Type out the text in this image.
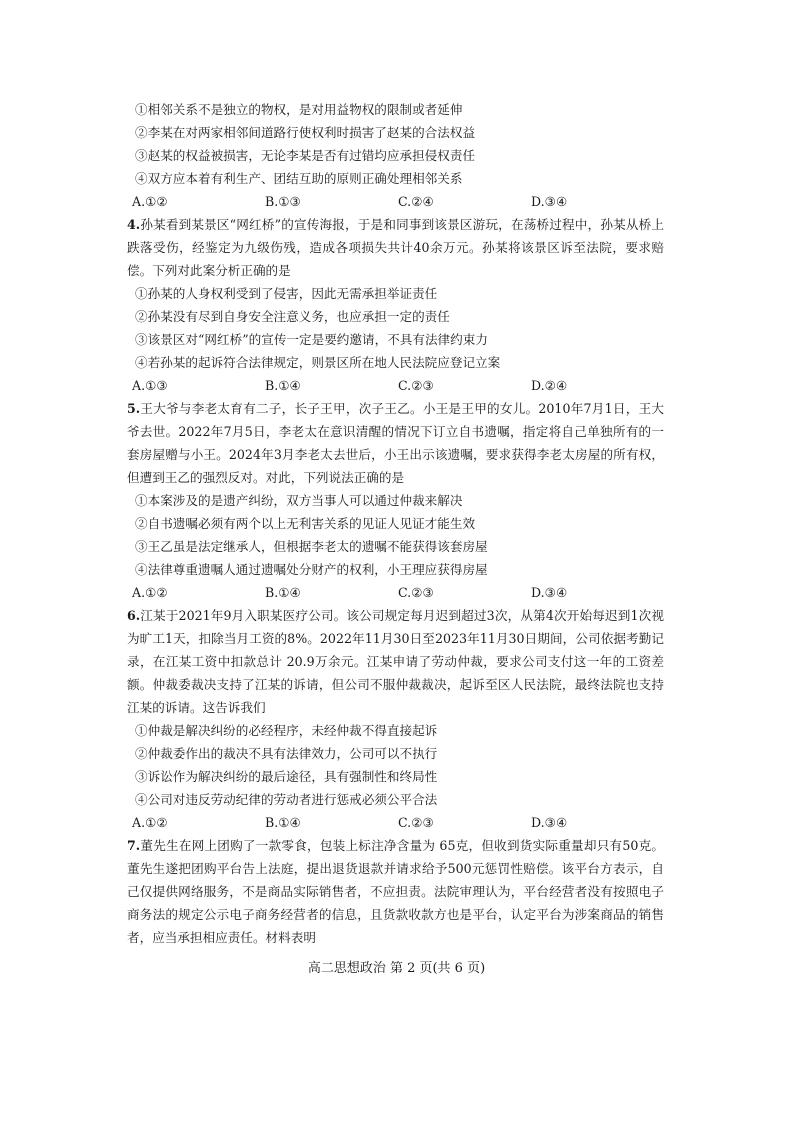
①相邻关系不是独立的物权，是对用益物权的限制或者延伸
②李某在对两家相邻间道路行使权利时损害了赵某的合法权益
③赵某的权益被损害，无论李某是否有过错均应承担侵权责任
④双方应本着有利生产、团结互助的原则正确处理相邻关系
A.①②	B.①③	C.②④	D.③④

4.孙某看到某景区“网红桥”的宣传海报，于是和同事到该景区游玩，在荡桥过程中，孙某从桥上跌落受伤，经鉴定为九级伤残，造成各项损失共计40余万元。孙某将该景区诉至法院，要求赔偿。下列对此案分析正确的是

①孙某的人身权利受到了侵害，因此无需承担举证责任
②孙某没有尽到自身安全注意义务，也应承担一定的责任
③该景区对“网红桥”的宣传一定是要约邀请，不具有法律约束力
④若孙某的起诉符合法律规定，则景区所在地人民法院应登记立案
A.①③	B.①④	C.②③	D.②④

5.王大爷与李老太育有二子，长子王甲，次子王乙。小王是王甲的女儿。2010年7月1日，王大爷去世。2022年7月5日，李老太在意识清醒的情况下订立自书遗嘱，指定将自己单独所有的一套房屋赠与小王。2024年3月李老太去世后，小王出示该遗嘱，要求获得李老太房屋的所有权，但遭到王乙的强烈反对。对此，下列说法正确的是

①本案涉及的是遗产纠纷，双方当事人可以通过仲裁来解决
②自书遗嘱必须有两个以上无利害关系的见证人见证才能生效
③王乙虽是法定继承人，但根据李老太的遗嘱不能获得该套房屋
④法律尊重遗嘱人通过遗嘱处分财产的权利，小王理应获得房屋
A.①②	B.①④	C.②③	D.③④

6.江某于2021年9月入职某医疗公司。该公司规定每月迟到超过3次，从第4次开始每迟到1次视为旷工1天，扣除当月工资的8%。2022年11月30日至2023年11月30日期间，公司依据考勤记录，在江某工资中扣款总计 20.9万余元。江某申请了劳动仲裁，要求公司支付这一年的工资差额。仲裁委裁决支持了江某的诉请，但公司不服仲裁裁决，起诉至区人民法院，最终法院也支持江某的诉请。这告诉我们

①仲裁是解决纠纷的必经程序，未经仲裁不得直接起诉
②仲裁委作出的裁决不具有法律效力，公司可以不执行
③诉讼作为解决纠纷的最后途径，具有强制性和终局性
④公司对违反劳动纪律的劳动者进行惩戒必须公平合法
A.①②	B.①④	C.②③	D.③④

7.董先生在网上团购了一款零食，包装上标注净含量为 65克，但收到货实际重量却只有50克。董先生遂把团购平台告上法庭，提出退货退款并请求给予500元惩罚性赔偿。该平台方表示，自己仅提供网络服务，不是商品实际销售者，不应担责。法院审理认为，平台经营者没有按照电子商务法的规定公示电子商务经营者的信息，且货款收款方也是平台，认定平台为涉案商品的销售者，应当承担相应责任。材料表明

高二思想政治 第 2 页(共 6 页)
